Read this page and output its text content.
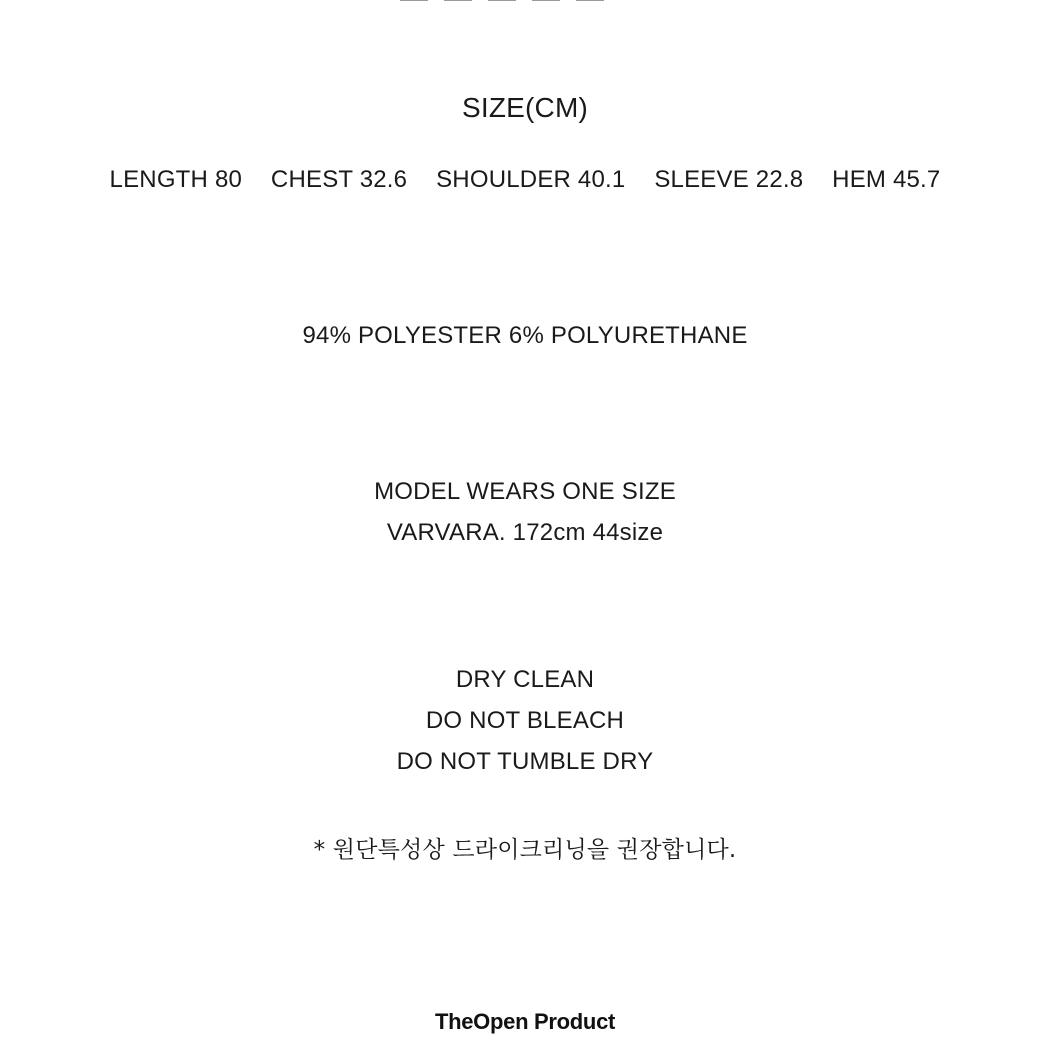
SIZE(CM)
LENGTH 80 CHEST 32.6 SHOULDER 40.1 SLEEVE 22.8 HEM 45.7
94% POLYESTER 6% POLYURETHANE
MODEL WEARS ONE SIZE
VARVARA. 172cm 44size
DRY CLEAN
DO NOT BLEACH
DO NOT TUMBLE DRY
* 원단특성상 드라이크리닝을 권장합니다.
TheOpen Product
